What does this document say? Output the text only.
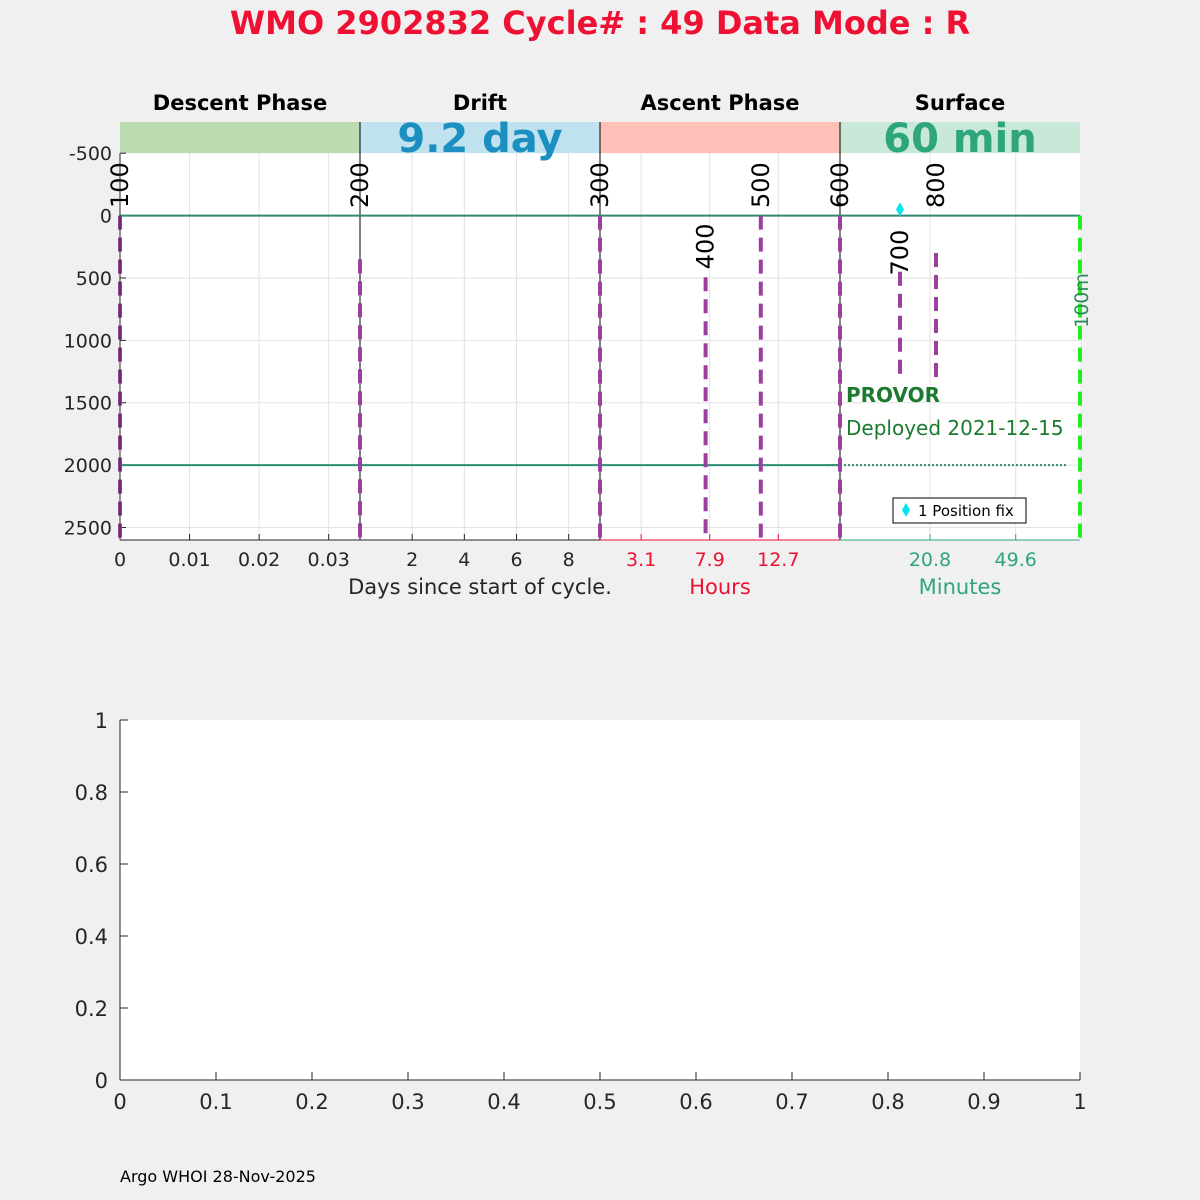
WMO 2902832 Cycle# : 49 Data Mode : R
Descent Phase	Drift
9.2 day
Ascent Phase	Surface
60 min
-500
0
500
1000
1500
2000
2500
0 0.01 0.02 0.03	2 4 6 8	3.1 7.9 12.7	20.8 49.6
Days since start of cycle.	Hours	Minutes
100	200	300
400
500 600
700
800
100m
1 Position fix
PROVOR
Deployed 2021-12-15
0	0.1	0.2	0.3	0.4	0.5	0.6	0.7	0.8	0.9	1
0
0.2
0.4
0.6
0.8
1
Argo WHOI 28-Nov-2025
